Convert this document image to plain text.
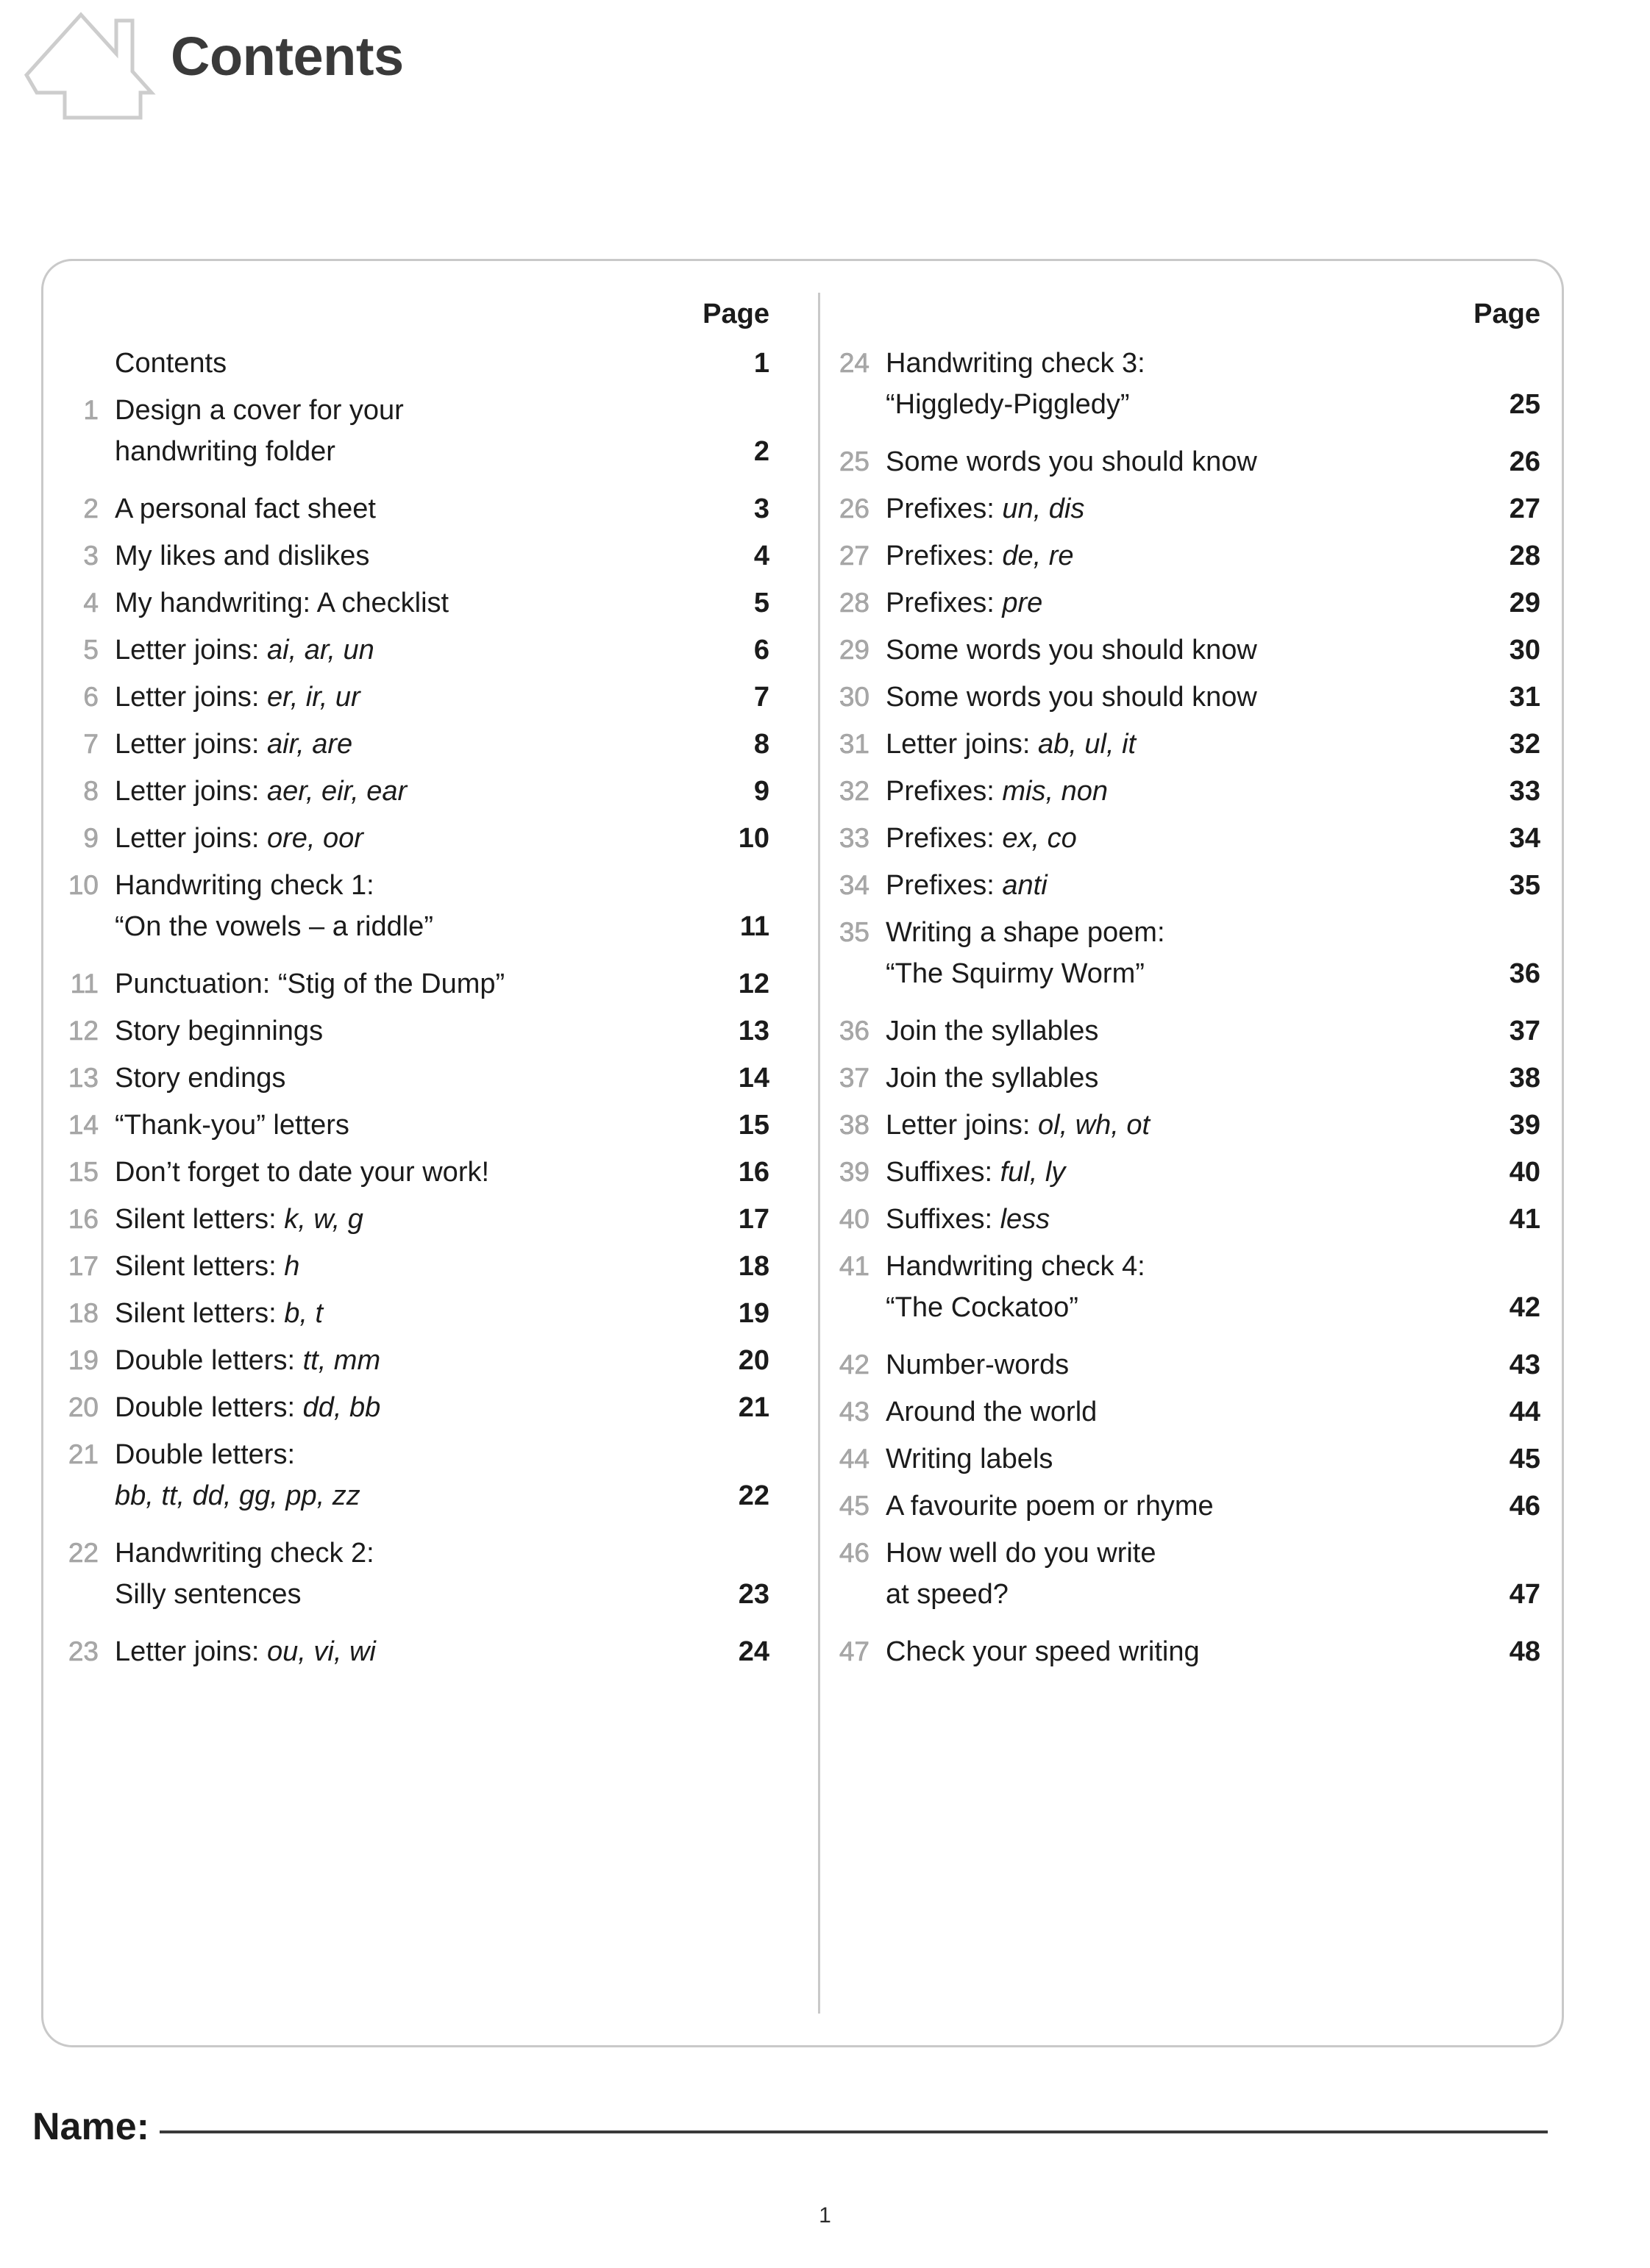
Contents
Page
Contents	1
1 Design a cover for your
handwriting folder	2
2 A personal fact sheet	3
3 My likes and dislikes	4
4 My handwriting: A checklist	5
5 Letter joins: ai, ar, un	6
6 Letter joins: er, ir, ur	7
7 Letter joins: air, are	8
8 Letter joins: aer, eir, ear	9
9 Letter joins: ore, oor	10
10 Handwriting check 1:
“On the vowels – a riddle”	11
11 Punctuation: “Stig of the Dump”	12
12 Story beginnings	13
13 Story endings	14
14 “Thank-you” letters	15
15 Don’t forget to date your work!	16
16 Silent letters: k, w, g	17
17 Silent letters: h	18
18 Silent letters: b, t	19
19 Double letters: tt, mm	20
20 Double letters: dd, bb	21
21 Double letters:
bb, tt, dd, gg, pp, zz	22
22 Handwriting check 2:
Silly sentences	23
23 Letter joins: ou, vi, wi	24
Page
24 Handwriting check 3:
“Higgledy-Piggledy”	25
25 Some words you should know	26
26 Prefixes: un, dis	27
27 Prefixes: de, re	28
28 Prefixes: pre	29
29 Some words you should know	30
30 Some words you should know	31
31 Letter joins: ab, ul, it	32
32 Prefixes: mis, non	33
33 Prefixes: ex, co	34
34 Prefixes: anti	35
35 Writing a shape poem:
“The Squirmy Worm”	36
36 Join the syllables	37
37 Join the syllables	38
38 Letter joins: ol, wh, ot	39
39 Suffixes: ful, ly	40
40 Suffixes: less	41
41 Handwriting check 4:
“The Cockatoo”	42
42 Number-words	43
43 Around the world	44
44 Writing labels	45
45 A favourite poem or rhyme	46
46 How well do you write
at speed?	47
47 Check your speed writing	48
Name:
1
